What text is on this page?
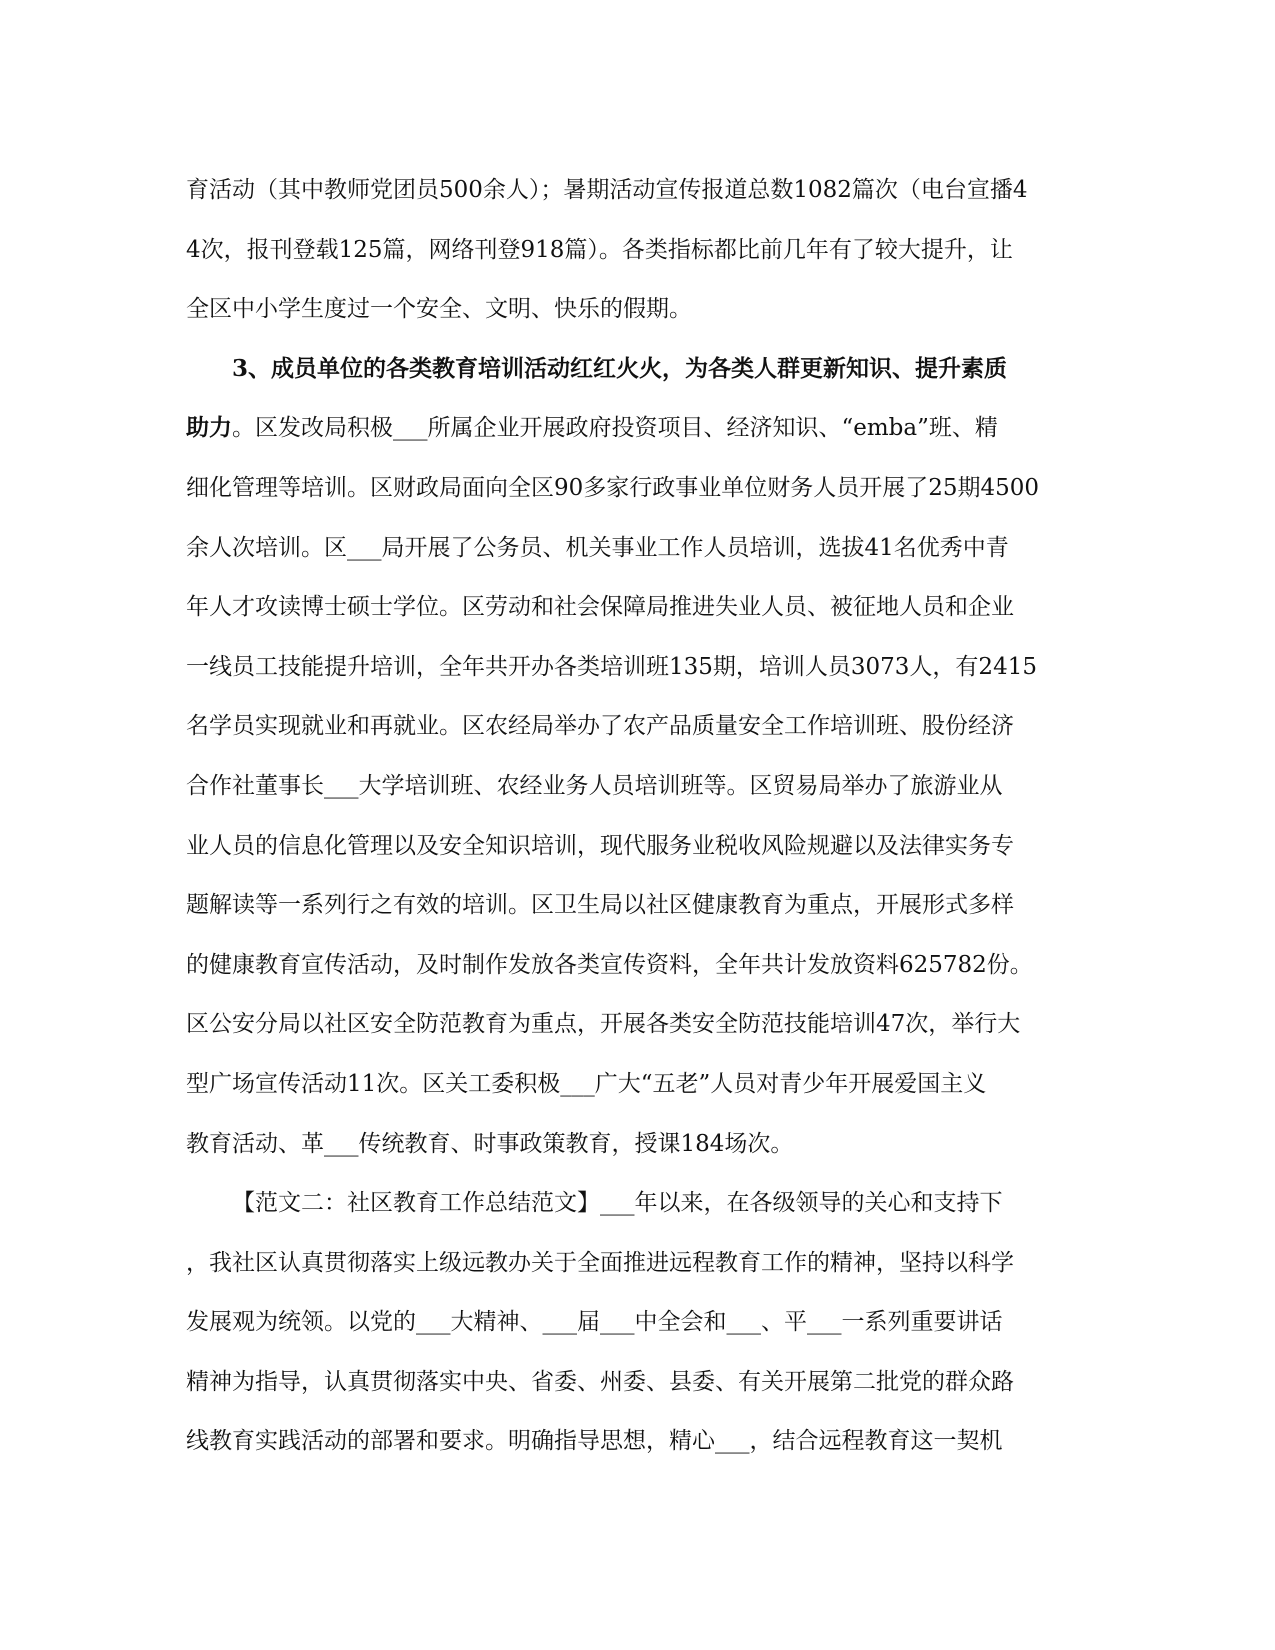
育活动（其中教师党团员500余人）；暑期活动宣传报道总数1082篇次（电台宣播4
4次，报刊登载125篇，网络刊登918篇）。各类指标都比前几年有了较大提升，让
全区中小学生度过一个安全、文明、快乐的假期。
3、成员单位的各类教育培训活动红红火火，为各类人群更新知识、提升素质
助力。区发改局积极___所属企业开展政府投资项目、经济知识、“emba”班、精
细化管理等培训。区财政局面向全区90多家行政事业单位财务人员开展了25期4500
余人次培训。区___局开展了公务员、机关事业工作人员培训，选拔41名优秀中青
年人才攻读博士硕士学位。区劳动和社会保障局推进失业人员、被征地人员和企业
一线员工技能提升培训，全年共开办各类培训班135期，培训人员3073人，有2415
名学员实现就业和再就业。区农经局举办了农产品质量安全工作培训班、股份经济
合作社董事长___大学培训班、农经业务人员培训班等。区贸易局举办了旅游业从
业人员的信息化管理以及安全知识培训，现代服务业税收风险规避以及法律实务专
题解读等一系列行之有效的培训。区卫生局以社区健康教育为重点，开展形式多样
的健康教育宣传活动，及时制作发放各类宣传资料，全年共计发放资料625782份。
区公安分局以社区安全防范教育为重点，开展各类安全防范技能培训47次，举行大
型广场宣传活动11次。区关工委积极___广大“五老”人员对青少年开展爱国主义
教育活动、革___传统教育、时事政策教育，授课184场次。
【范文二：社区教育工作总结范文】___年以来，在各级领导的关心和支持下
，我社区认真贯彻落实上级远教办关于全面推进远程教育工作的精神，坚持以科学
发展观为统领。以党的___大精神、___届___中全会和___、平___一系列重要讲话
精神为指导，认真贯彻落实中央、省委、州委、县委、有关开展第二批党的群众路
线教育实践活动的部署和要求。明确指导思想，精心___，结合远程教育这一契机
